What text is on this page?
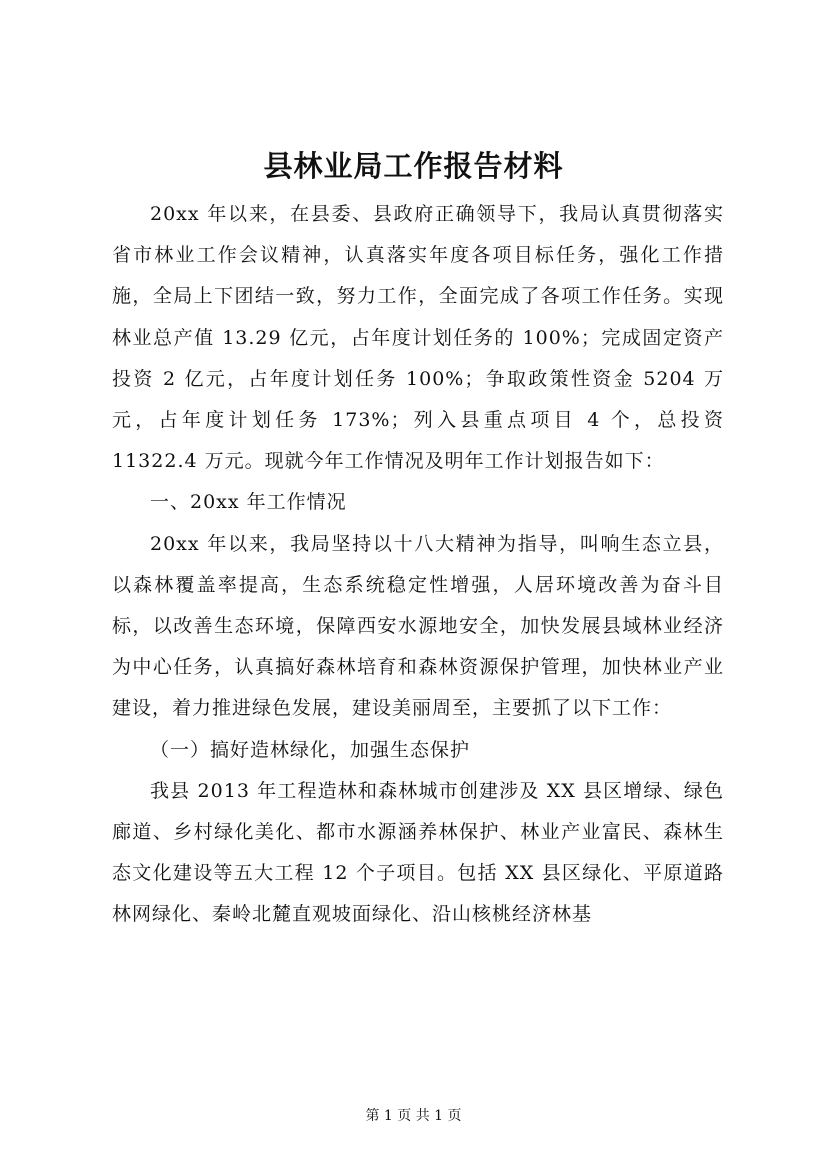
县林业局工作报告材料

20xx 年以来，在县委、县政府正确领导下，我局认真贯彻落实省市林业工作会议精神，认真落实年度各项目标任务，强化工作措施，全局上下团结一致，努力工作，全面完成了各项工作任务。实现林业总产值 13.29 亿元，占年度计划任务的 100%；完成固定资产投资 2 亿元，占年度计划任务 100%；争取政策性资金 5204 万元，占年度计划任务 173%；列入县重点项目 4 个，总投资 11322.4 万元。现就今年工作情况及明年工作计划报告如下：

一、20xx 年工作情况

20xx 年以来，我局坚持以十八大精神为指导，叫响生态立县，以森林覆盖率提高，生态系统稳定性增强，人居环境改善为奋斗目标，以改善生态环境，保障西安水源地安全，加快发展县域林业经济为中心任务，认真搞好森林培育和森林资源保护管理，加快林业产业建设，着力推进绿色发展，建设美丽周至，主要抓了以下工作：

（一）搞好造林绿化，加强生态保护

我县 2013 年工程造林和森林城市创建涉及 XX 县区增绿、绿色廊道、乡村绿化美化、都市水源涵养林保护、林业产业富民、森林生态文化建设等五大工程 12 个子项目。包括 XX 县区绿化、平原道路林网绿化、秦岭北麓直观坡面绿化、沿山核桃经济林基

第 1 页 共 1 页
